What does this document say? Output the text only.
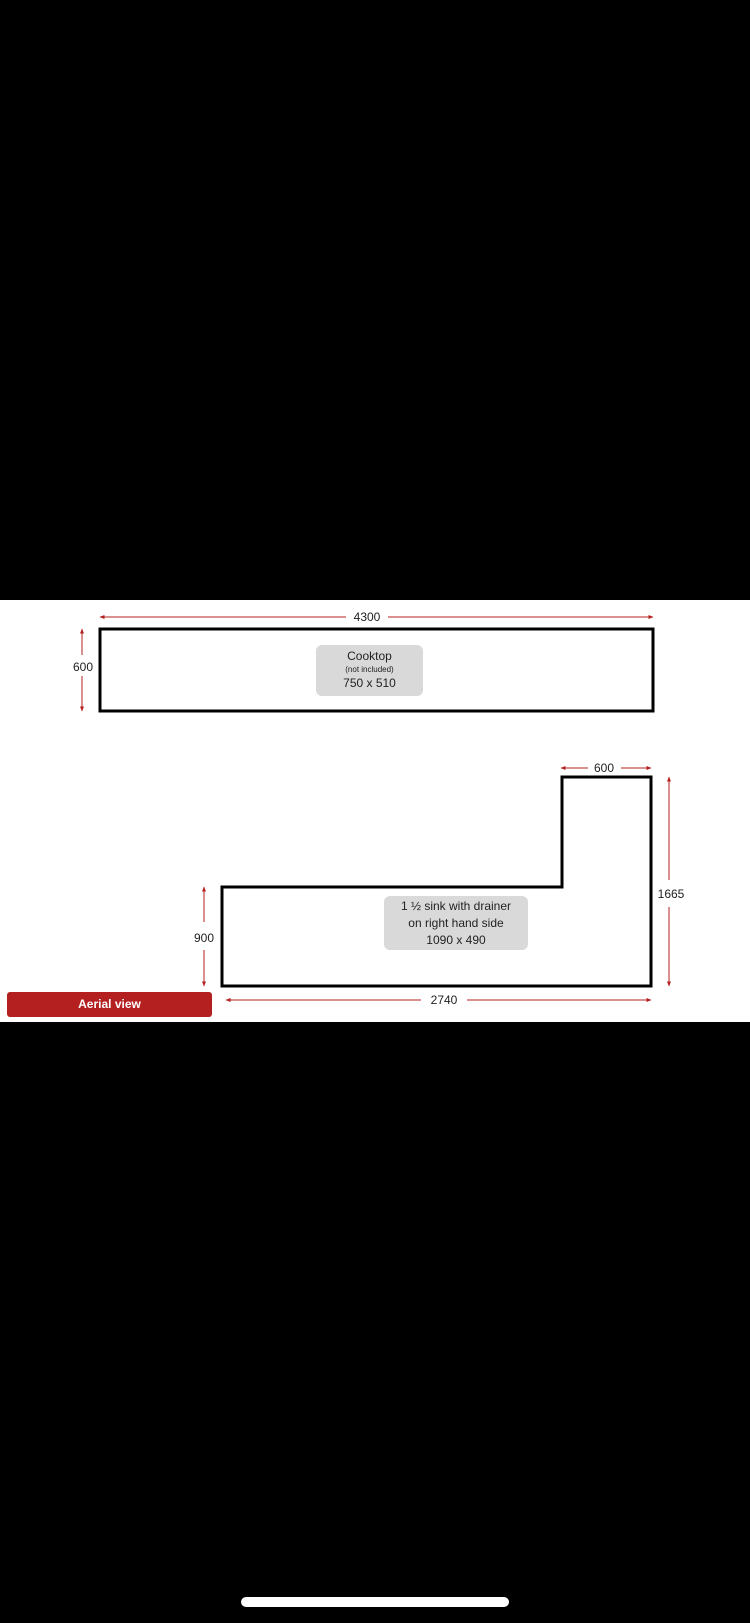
4300
600
600
1665
900
2740
Cooktop
(not included)
750 x 510
1 ½ sink with drainer
on right hand side
1090 x 490
Aerial view
